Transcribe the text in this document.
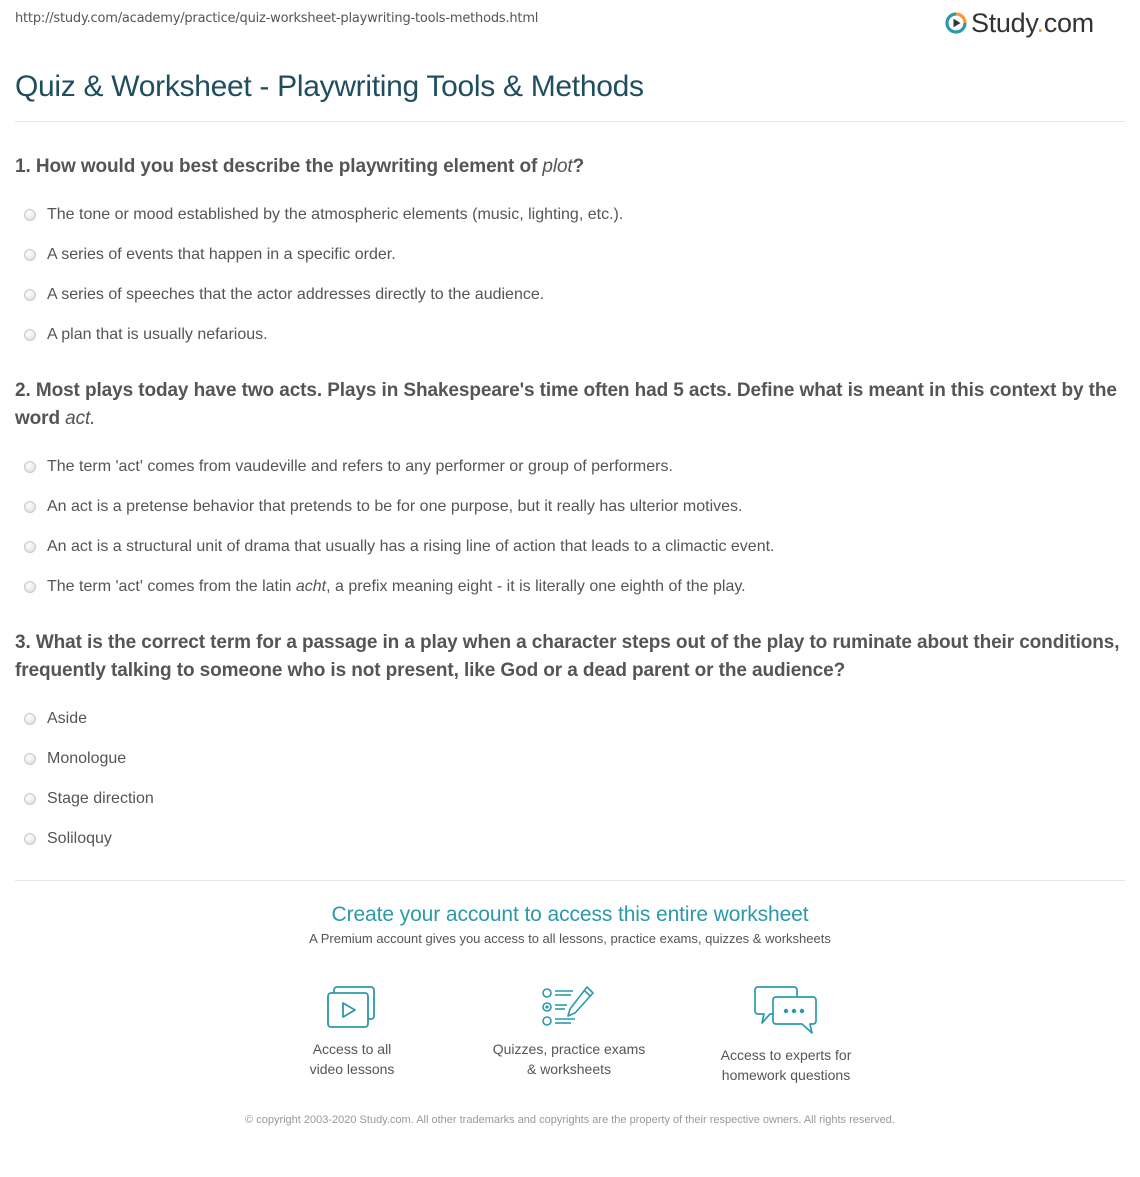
http://study.com/academy/practice/quiz-worksheet-playwriting-tools-methods.html	Study.com
Quiz & Worksheet - Playwriting Tools & Methods
1. How would you best describe the playwriting element of plot?
The tone or mood established by the atmospheric elements (music, lighting, etc.).
A series of events that happen in a specific order.
A series of speeches that the actor addresses directly to the audience.
A plan that is usually nefarious.
2. Most plays today have two acts. Plays in Shakespeare's time often had 5 acts. Define what is meant in this context by the word act.
The term 'act' comes from vaudeville and refers to any performer or group of performers.
An act is a pretense behavior that pretends to be for one purpose, but it really has ulterior motives.
An act is a structural unit of drama that usually has a rising line of action that leads to a climactic event.
The term 'act' comes from the latin acht, a prefix meaning eight - it is literally one eighth of the play.
3. What is the correct term for a passage in a play when a character steps out of the play to ruminate about their conditions, frequently talking to someone who is not present, like God or a dead parent or the audience?
Aside
Monologue
Stage direction
Soliloquy
Create your account to access this entire worksheet
A Premium account gives you access to all lessons, practice exams, quizzes & worksheets
Access to all
video lessons
Quizzes, practice exams
& worksheets
Access to experts for
homework questions
© copyright 2003-2020 Study.com. All other trademarks and copyrights are the property of their respective owners. All rights reserved.
